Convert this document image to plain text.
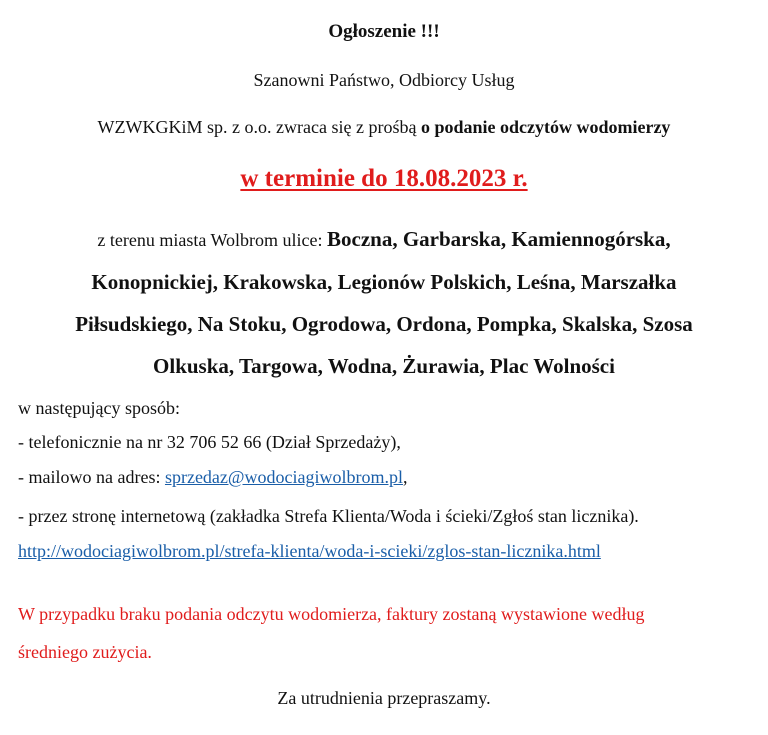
Ogłoszenie !!!
Szanowni Państwo, Odbiorcy Usług
WZWKGKiM sp. z o.o. zwraca się z prośbą o podanie odczytów wodomierzy
w terminie do 18.08.2023 r.
z terenu miasta Wolbrom ulice: Boczna, Garbarska, Kamiennogórska,
Konopnickiej, Krakowska, Legionów Polskich, Leśna, Marszałka
Piłsudskiego, Na Stoku, Ogrodowa, Ordona, Pompka, Skalska, Szosa
Olkuska, Targowa, Wodna, Żurawia, Plac Wolności
w następujący sposób:
- telefonicznie na nr 32 706 52 66 (Dział Sprzedaży),
- mailowo na adres: sprzedaz@wodociagiwolbrom.pl,
- przez stronę internetową (zakładka Strefa Klienta/Woda i ścieki/Zgłoś stan licznika).
http://wodociagiwolbrom.pl/strefa-klienta/woda-i-scieki/zglos-stan-licznika.html
W przypadku braku podania odczytu wodomierza, faktury zostaną wystawione według
średniego zużycia.
Za utrudnienia przepraszamy.
